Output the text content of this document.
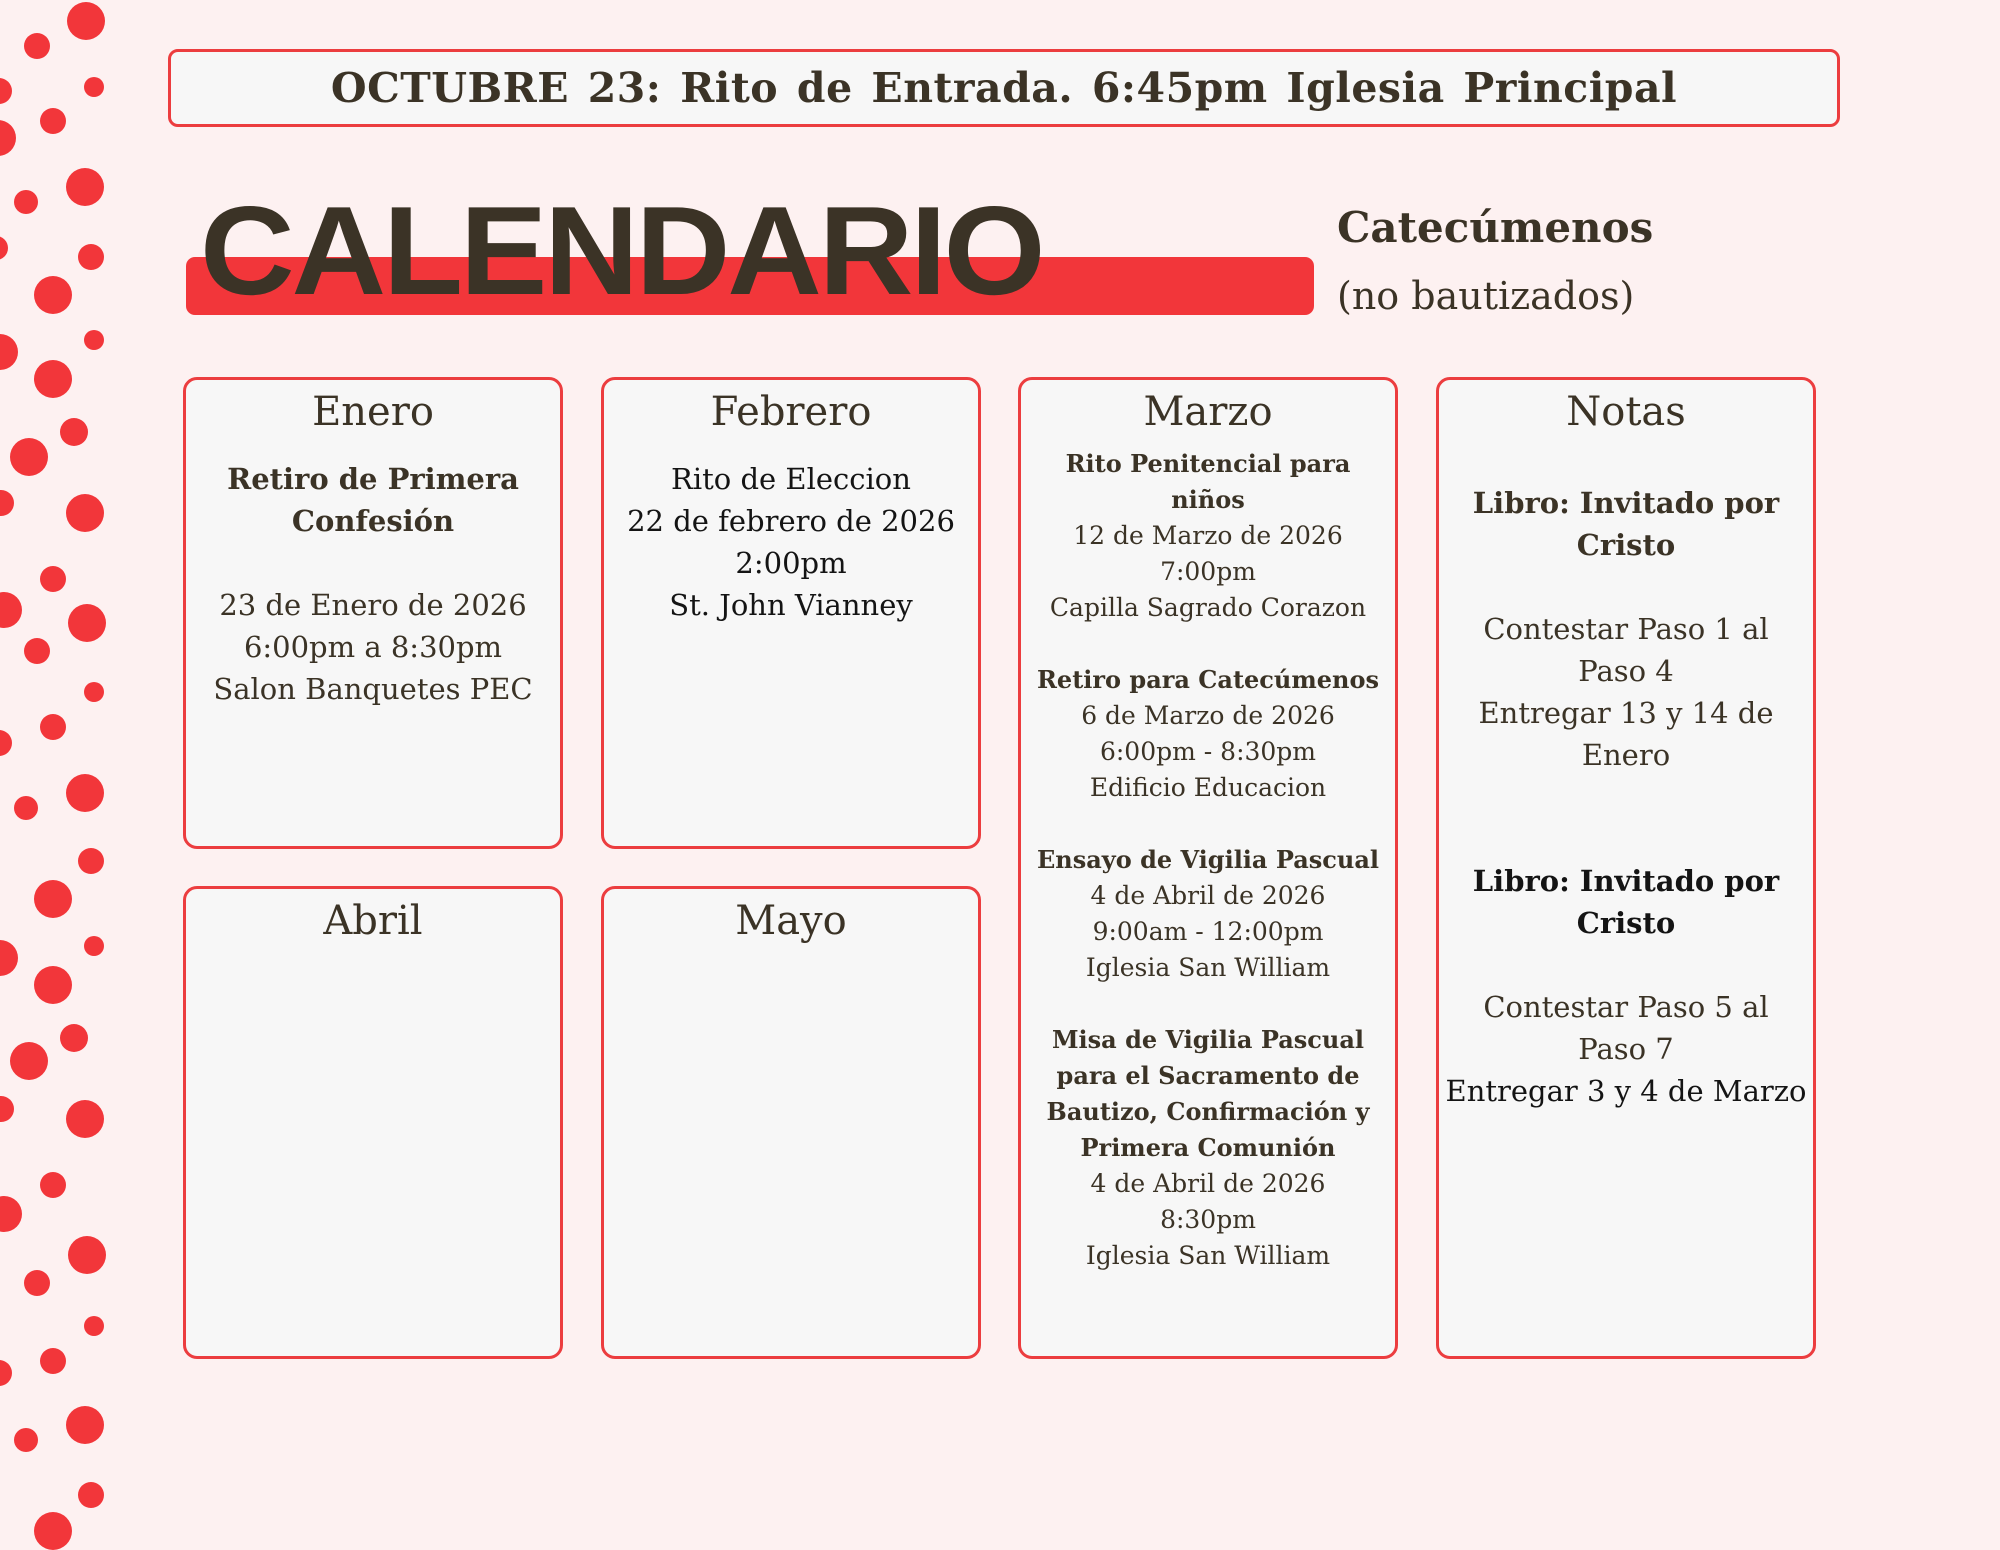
OCTUBRE 23: Rito de Entrada. 6:45pm Iglesia Principal
CALENDARIO	Catecúmenos
(no bautizados)
Enero
Retiro de Primera
Confesión
23 de Enero de 2026
6:00pm a 8:30pm
Salon Banquetes PEC
Febrero
Rito de Eleccion
22 de febrero de 2026
2:00pm
St. John Vianney
Marzo
Rito Penitencial para
niños
12 de Marzo de 2026
7:00pm
Capilla Sagrado Corazon
Retiro para Catecúmenos
6 de Marzo de 2026
6:00pm - 8:30pm
Edificio Educacion
Ensayo de Vigilia Pascual
4 de Abril de 2026
9:00am - 12:00pm
Iglesia San William
Misa de Vigilia Pascual
para el Sacramento de
Bautizo, Confirmación y
Primera Comunión
4 de Abril de 2026
8:30pm
Iglesia San William
Notas
Libro: Invitado por
Cristo
Contestar Paso 1 al
Paso 4
Entregar 13 y 14 de Enero
Libro: Invitado por
Cristo
Contestar Paso 5 al
Paso 7
Entregar 3 y 4 de Marzo
Abril	Mayo
